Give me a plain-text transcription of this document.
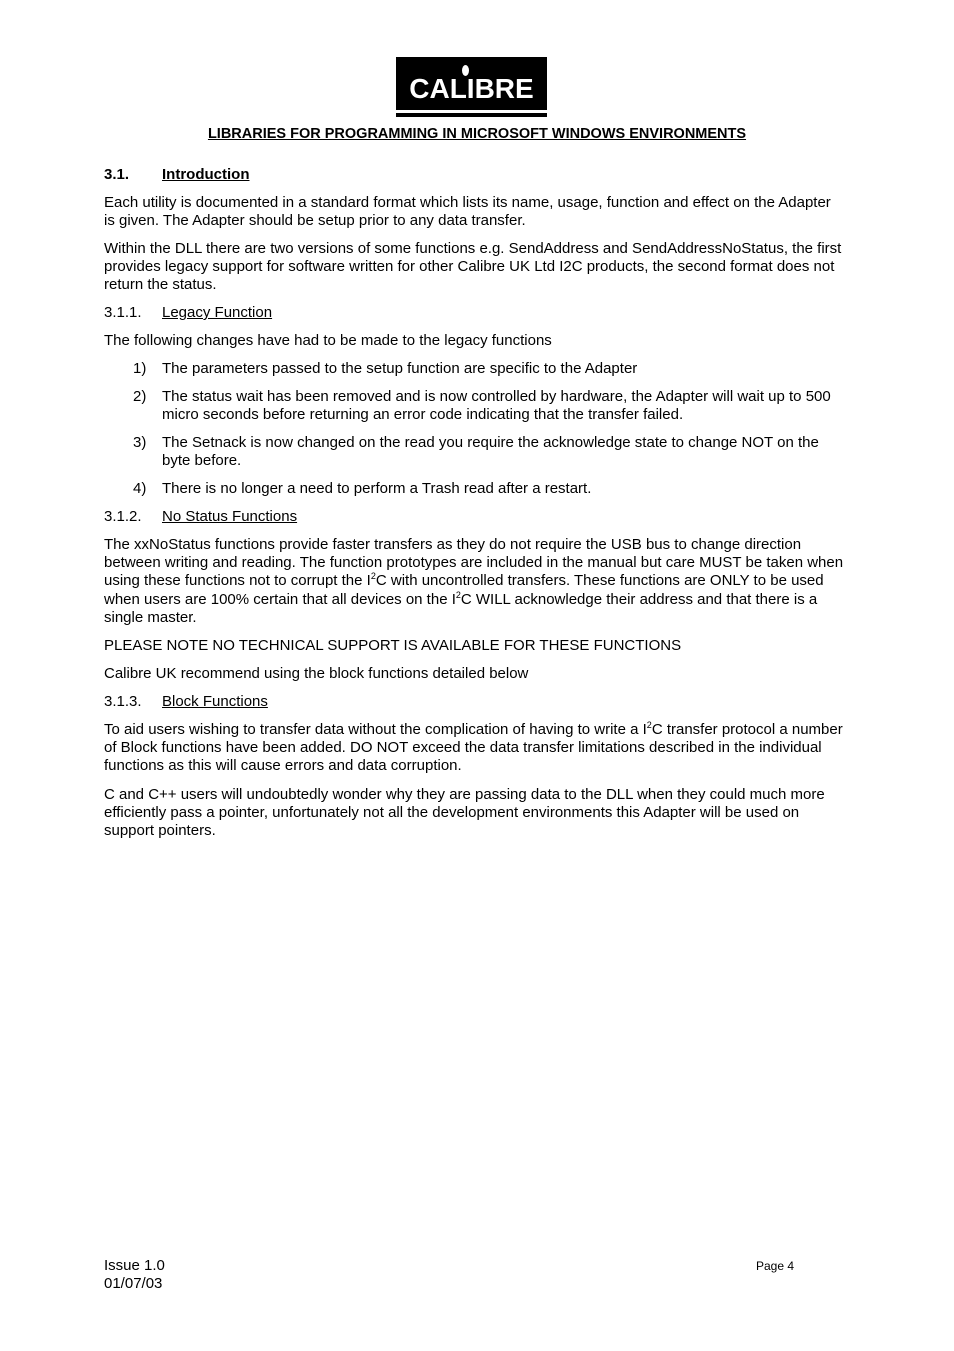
CALIBRE
LIBRARIES FOR PROGRAMMING IN MICROSOFT WINDOWS ENVIRONMENTS
3.1. Introduction
Each utility is documented in a standard format which lists its name, usage, function and effect on the Adapter is given. The Adapter should be setup prior to any data transfer.
Within the DLL there are two versions of some functions e.g. SendAddress and SendAddressNoStatus, the first provides legacy support for software written for other Calibre UK Ltd I2C products, the second format does not return the status.
3.1.1. Legacy Function
The following changes have had to be made to the legacy functions
1) The parameters passed to the setup function are specific to the Adapter
2) The status wait has been removed and is now controlled by hardware, the Adapter will wait up to 500 micro seconds before returning an error code indicating that the transfer failed.
3) The Setnack is now changed on the read you require the acknowledge state to change NOT on the byte before.
4) There is no longer a need to perform a Trash read after a restart.
3.1.2. No Status Functions
The xxNoStatus functions provide faster transfers as they do not require the USB bus to change direction between writing and reading. The function prototypes are included in the manual but care MUST be taken when using these functions not to corrupt the $I^2C$ with uncontrolled transfers. These functions are ONLY to be used when users are 100% certain that all devices on the $I^2C$ WILL acknowledge their address and that there is a single master.
PLEASE NOTE NO TECHNICAL SUPPORT IS AVAILABLE FOR THESE FUNCTIONS
Calibre UK recommend using the block functions detailed below
3.1.3. Block Functions
To aid users wishing to transfer data without the complication of having to write a $I^2C$ transfer protocol a number of Block functions have been added. DO NOT exceed the data transfer limitations described in the individual functions as this will cause errors and data corruption.
C and C++ users will undoubtedly wonder why they are passing data to the DLL when they could much more efficiently pass a pointer, unfortunately not all the development environments this Adapter will be used on support pointers.
Issue 1.0
01/07/03
Page 4
